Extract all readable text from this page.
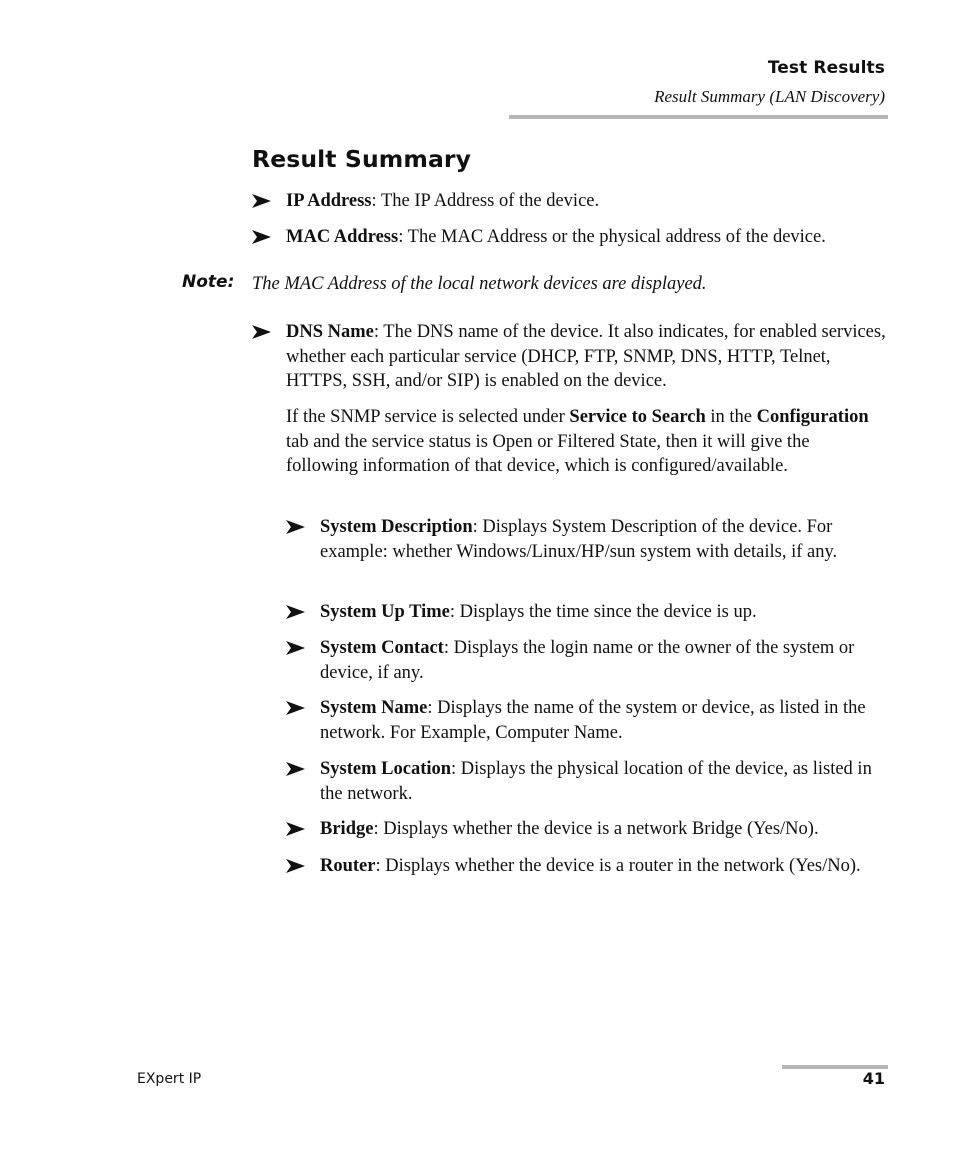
Test Results
Result Summary (LAN Discovery)
Result Summary
IP Address: The IP Address of the device.
MAC Address: The MAC Address or the physical address of the device.
Note: The MAC Address of the local network devices are displayed.
DNS Name: The DNS name of the device. It also indicates, for enabled services, whether each particular service (DHCP, FTP, SNMP, DNS, HTTP, Telnet, HTTPS, SSH, and/or SIP) is enabled on the device.
If the SNMP service is selected under Service to Search in the Configuration tab and the service status is Open or Filtered State, then it will give the following information of that device, which is configured/available.
System Description: Displays System Description of the device. For example: whether Windows/Linux/HP/sun system with details, if any.
System Up Time: Displays the time since the device is up.
System Contact: Displays the login name or the owner of the system or device, if any.
System Name: Displays the name of the system or device, as listed in the network. For Example, Computer Name.
System Location: Displays the physical location of the device, as listed in the network.
Bridge: Displays whether the device is a network Bridge (Yes/No).
Router: Displays whether the device is a router in the network (Yes/No).
EXpert IP	41
